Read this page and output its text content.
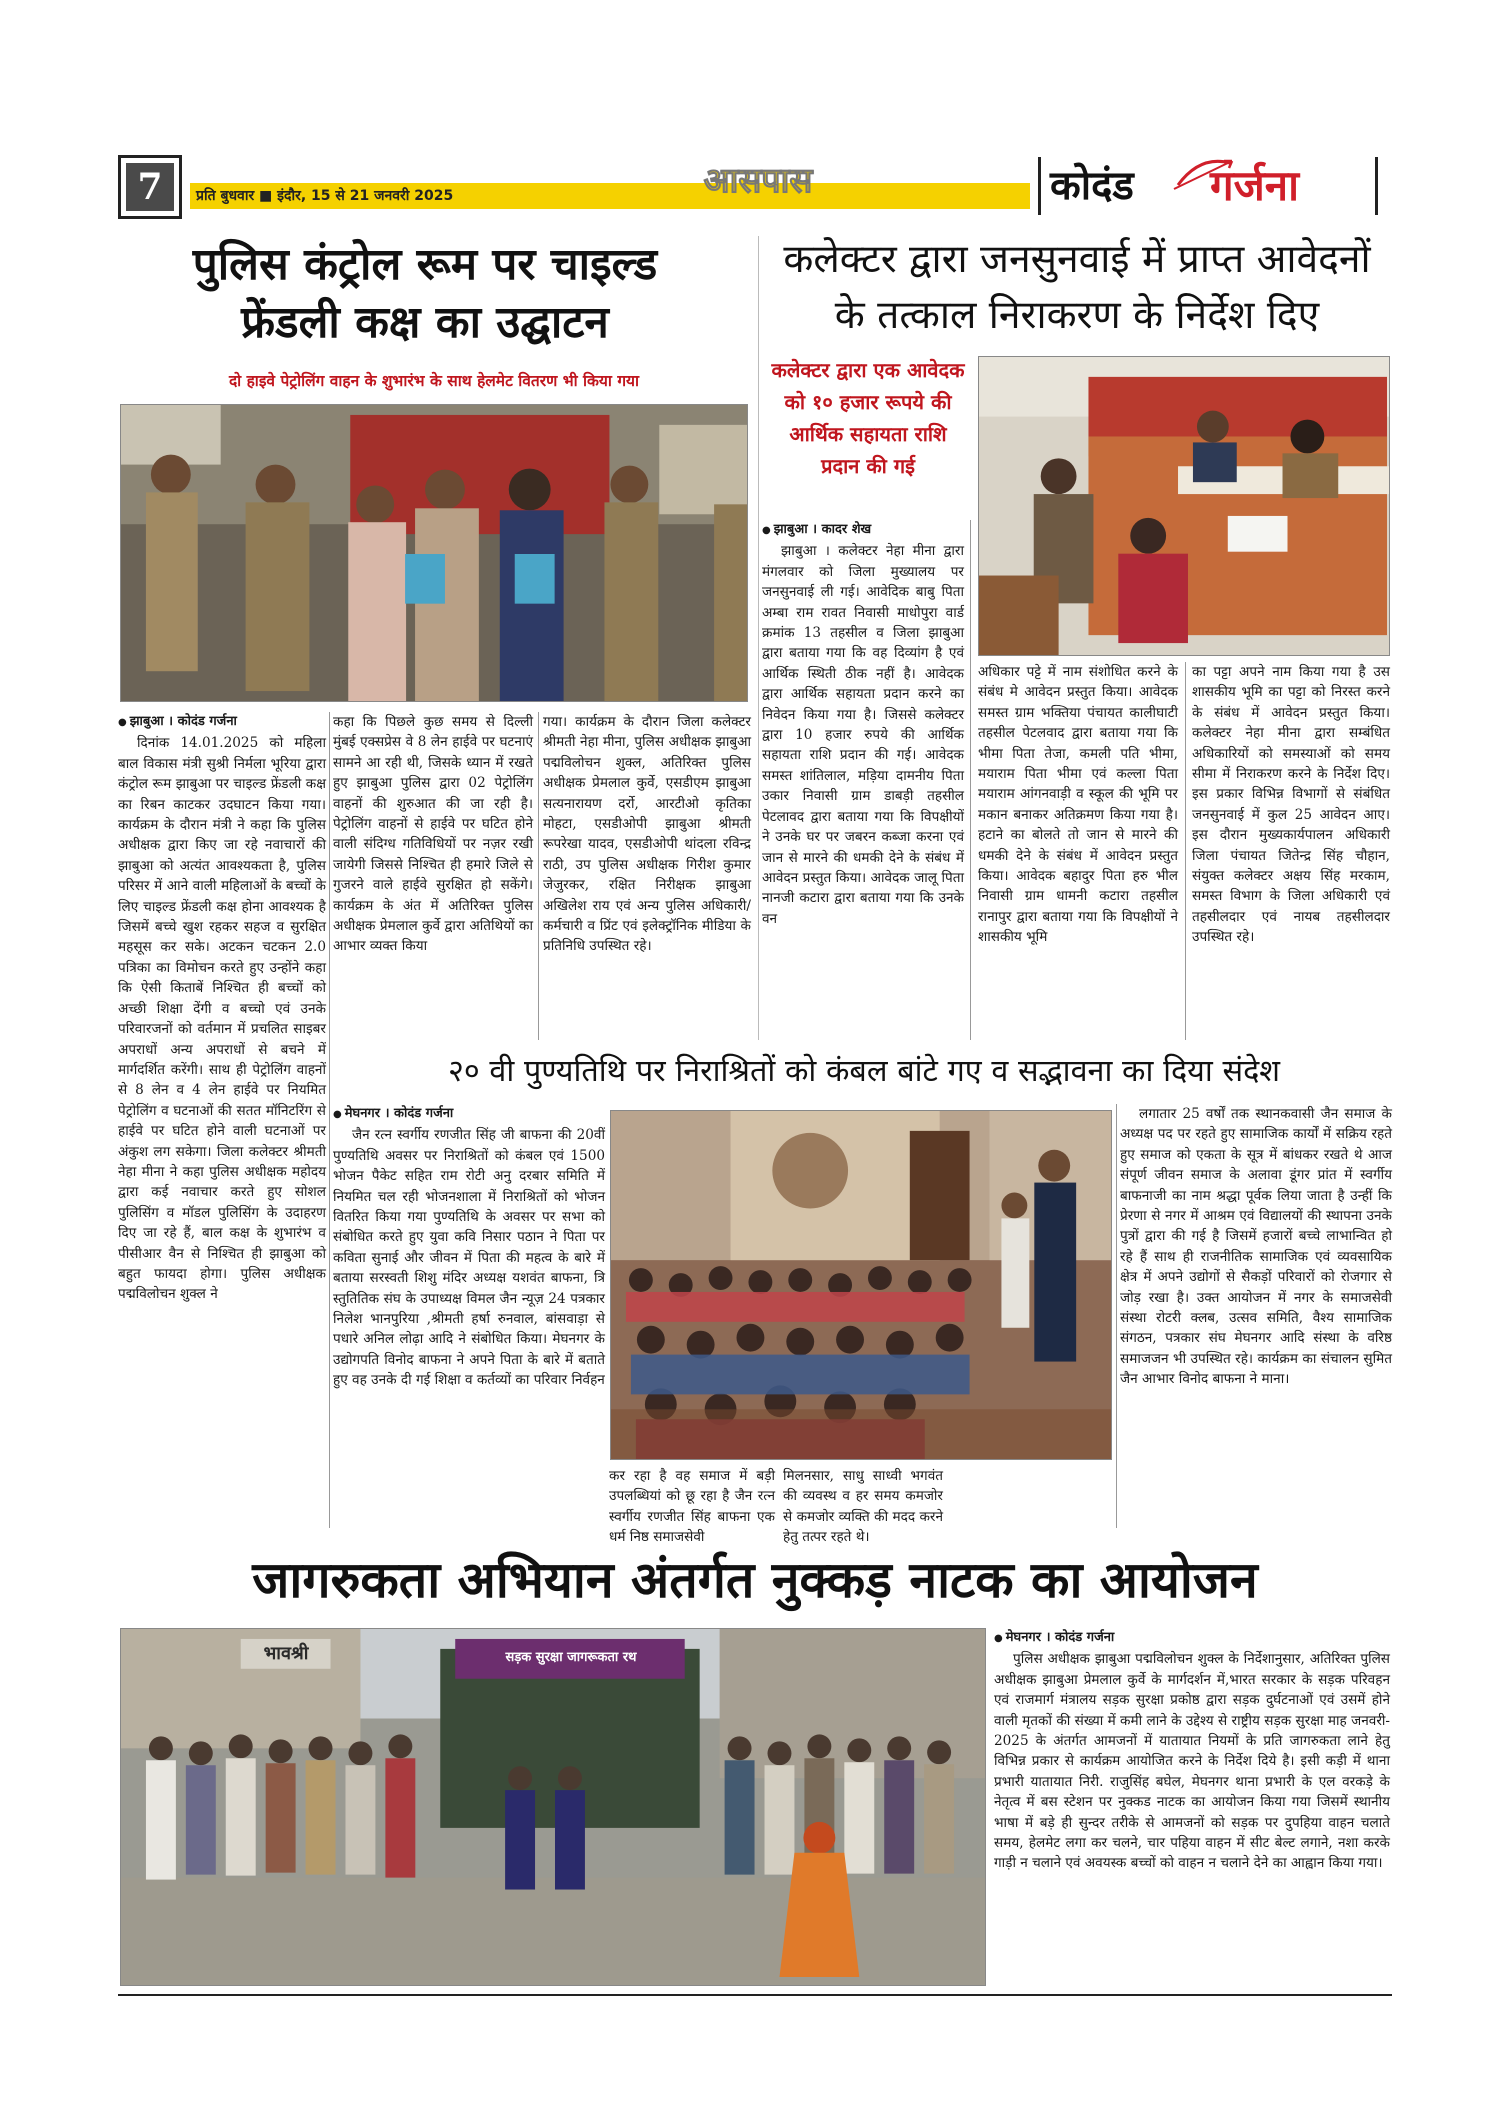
7	प्रति बुधवार ■ इंदौर, 15 से 21 जनवरी 2025	आसपास	कोदंड	गर्जना
पुलिस कंट्रोल रूम पर चाइल्ड
फ्रेंडली कक्ष का उद्घाटन
दो हाइवे पेट्रोलिंग वाहन के शुभारंभ के साथ हेलमेट वितरण भी किया गया

● झाबुआ । कोदंड गर्जना

दिनांक 14.01.2025 को महिला बाल विकास मंत्री सुश्री निर्मला भूरिया द्वारा कंट्रोल रूम झाबुआ पर चाइल्ड फ्रेंडली कक्ष का रिबन काटकर उदघाटन किया गया। कार्यक्रम के दौरान मंत्री ने कहा कि पुलिस अधीक्षक द्वारा किए जा रहे नवाचारों की झाबुआ को अत्यंत आवश्यकता है, पुलिस परिसर में आने वाली महिलाओं के बच्चों के लिए चाइल्ड फ्रेंडली कक्ष होना आवश्यक है जिसमें बच्चे खुश रहकर सहज व सुरक्षित महसूस कर सके। अटकन चटकन 2.0 पत्रिका का विमोचन करते हुए उन्होंने कहा कि ऐसी किताबें निश्चित ही बच्चों को अच्छी शिक्षा देंगी व बच्चो एवं उनके परिवारजनों को वर्तमान में प्रचलित साइबर अपराधों अन्य अपराधों से बचने में मार्गदर्शित करेंगी। साथ ही पेट्रोलिंग वाहनों से 8 लेन व 4 लेन हाईवे पर नियमित पेट्रोलिंग व घटनाओं की सतत मॉनिटरिंग से हाईवे पर घटित होने वाली घटनाओं पर अंकुश लग सकेगा। जिला कलेक्टर श्रीमती नेहा मीना ने कहा पुलिस अधीक्षक महोदय द्वारा कई नवाचार करते हुए सोशल पुलिसिंग व मॉडल पुलिसिंग के उदाहरण दिए जा रहे हैं, बाल कक्ष के शुभारंभ व पीसीआर वैन से निश्चित ही झाबुआ को बहुत फायदा होगा। पुलिस अधीक्षक पद्मविलोचन शुक्ल ने

कहा कि पिछले कुछ समय से दिल्ली मुंबई एक्सप्रेस वे 8 लेन हाईवे पर घटनाएं सामने आ रही थी, जिसके ध्यान में रखते हुए झाबुआ पुलिस द्वारा 02 पेट्रोलिंग वाहनों की शुरुआत की जा रही है। पेट्रोलिंग वाहनों से हाईवे पर घटित होने वाली संदिग्ध गतिविधियों पर नज़र रखी जायेगी जिससे निश्चित ही हमारे जिले से गुजरने वाले हाईवे सुरक्षित हो सकेंगे। कार्यक्रम के अंत में अतिरिक्त पुलिस अधीक्षक प्रेमलाल कुर्वे द्वारा अतिथियों का आभार व्यक्त किया

गया। कार्यक्रम के दौरान जिला कलेक्टर श्रीमती नेहा मीना, पुलिस अधीक्षक झाबुआ पद्मविलोचन शुक्ल, अतिरिक्त पुलिस अधीक्षक प्रेमलाल कुर्वे, एसडीएम झाबुआ सत्यनारायण दर्रो, आरटीओ कृतिका मोहटा, एसडीओपी झाबुआ श्रीमती रूपरेखा यादव, एसडीओपी थांदला रविन्द्र राठी, उप पुलिस अधीक्षक गिरीश कुमार जेजुरकर, रक्षित निरीक्षक झाबुआ अखिलेश राय एवं अन्य पुलिस अधिकारी/ कर्मचारी व प्रिंट एवं इलेक्ट्रॉनिक मीडिया के प्रतिनिधि उपस्थित रहे।

कलेक्टर द्वारा जनसुनवाई में प्राप्त आवेदनों
के तत्काल निराकरण के निर्देश दिए
कलेक्टर द्वारा एक आवेदक को १० हजार रूपये की आर्थिक सहायता राशि प्रदान की गई

● झाबुआ । कादर शेख

झाबुआ । कलेक्टर नेहा मीना द्वारा मंगलवार को जिला मुख्यालय पर जनसुनवाई ली गई। आवेदिक बाबु पिता अम्बा राम रावत निवासी माधोपुरा वार्ड क्रमांक 13 तहसील व जिला झाबुआ द्वारा बताया गया कि वह दिव्यांग है एवं आर्थिक स्थिती ठीक नहीं है। आवेदक द्वारा आर्थिक सहायता प्रदान करने का निवेदन किया गया है। जिससे कलेक्टर द्वारा 10 हजार रुपये की आर्थिक सहायता राशि प्रदान की गई। आवेदक समस्त शांतिलाल, मड़िया दामनीय पिता उकार निवासी ग्राम डाबड़ी तहसील पेटलावद द्वारा बताया गया कि विपक्षीयों ने उनके घर पर जबरन कब्जा करना एवं जान से मारने की धमकी देने के संबंध में आवेदन प्रस्तुत किया। आवेदक जालू पिता नानजी कटारा द्वारा बताया गया कि उनके वन

अधिकार पट्टे में नाम संशोधित करने के संबंध मे आवेदन प्रस्तुत किया। आवेदक समस्त ग्राम भक्तिया पंचायत कालीघाटी तहसील पेटलवाद द्वारा बताया गया कि भीमा पिता तेजा, कमली पति भीमा, मयाराम पिता भीमा एवं कल्ला पिता मयाराम आंगनवाड़ी व स्कूल की भूमि पर मकान बनाकर अतिक्रमण किया गया है। हटाने का बोलते तो जान से मारने की धमकी देने के संबंध में आवेदन प्रस्तुत किया। आवेदक बहादुर पिता हरु भील निवासी ग्राम धामनी कटारा तहसील रानापुर द्वारा बताया गया कि विपक्षीयों ने शासकीय भूमि

का पट्टा अपने नाम किया गया है उस शासकीय भूमि का पट्टा को निरस्त करने के संबंध में आवेदन प्रस्तुत किया। कलेक्टर नेहा मीना द्वारा सम्बंधित अधिकारियों को समस्याओं को समय सीमा में निराकरण करने के निर्देश दिए। इस प्रकार विभिन्न विभागों से संबंधित जनसुनवाई में कुल 25 आवेदन आए। इस दौरान मुख्यकार्यपालन अधिकारी जिला पंचायत जितेन्द्र सिंह चौहान, संयुक्त कलेक्टर अक्षय सिंह मरकाम, समस्त विभाग के जिला अधिकारी एवं तहसीलदार एवं नायब तहसीलदार उपस्थित रहे।

२० वी पुण्यतिथि पर निराश्रितों को कंबल बांटे गए व सद्भावना का दिया संदेश

● मेघनगर । कोदंड गर्जना

जैन रत्न स्वर्गीय रणजीत सिंह जी बाफना की 20वीं पुण्यतिथि अवसर पर निराश्रितों को कंबल एवं 1500 भोजन पैकेट सहित राम रोटी अनु दरबार समिति में नियमित चल रही भोजनशाला में निराश्रितों को भोजन वितरित किया गया पुण्यतिथि के अवसर पर सभा को संबोधित करते हुए युवा कवि निसार पठान ने पिता पर कविता सुनाई और जीवन में पिता की महत्व के बारे में बताया सरस्वती शिशु मंदिर अध्यक्ष यशवंत बाफना, त्रि स्तुतितिक संघ के उपाध्यक्ष विमल जैन न्यूज़ 24 पत्रकार निलेश भानपुरिया ,श्रीमती हर्षा रुनवाल, बांसवाड़ा से पधारे अनिल लोढ़ा आदि ने संबोधित किया। मेघनगर के उद्योगपति विनोद बाफना ने अपने पिता के बारे में बताते हुए वह उनके दी गई शिक्षा व कर्तव्यों का परिवार निर्वहन

कर रहा है वह समाज में बड़ी उपलब्धियां को छू रहा है जैन रत्न स्वर्गीय रणजीत सिंह बाफना एक धर्म निष्ठ समाजसेवी

मिलनसार, साधु साध्वी भगवंत की व्यवस्थ व हर समय कमजोर से कमजोर व्यक्ति की मदद करने हेतु तत्पर रहते थे।

लगातार 25 वर्षों तक स्थानकवासी जैन समाज के अध्यक्ष पद पर रहते हुए सामाजिक कार्यों में सक्रिय रहते हुए समाज को एकता के सूत्र में बांधकर रखते थे आज संपूर्ण जीवन समाज के अलावा डूंगर प्रांत में स्वर्गीय बाफनाजी का नाम श्रद्धा पूर्वक लिया जाता है उन्हीं कि प्रेरणा से नगर में आश्रम एवं विद्यालयों की स्थापना उनके पुत्रों द्वारा की गई है जिसमें हजारों बच्चे लाभान्वित हो रहे हैं साथ ही राजनीतिक सामाजिक एवं व्यवसायिक क्षेत्र में अपने उद्योगों से सैकड़ों परिवारों को रोजगार से जोड़ रखा है। उक्त आयोजन में नगर के समाजसेवी संस्था रोटरी क्लब, उत्सव समिति, वैश्य सामाजिक संगठन, पत्रकार संघ मेघनगर आदि संस्था के वरिष्ठ समाजजन भी उपस्थित रहे। कार्यक्रम का संचालन सुमित जैन आभार विनोद बाफना ने माना।

जागरुकता अभियान अंतर्गत नुक्कड़ नाटक का आयोजन
भावश्री	सड़क सुरक्षा जागरूकता रथ

● मेघनगर । कोदंड गर्जना

पुलिस अधीक्षक झाबुआ पद्मविलोचन शुक्ल के निर्देशानुसार, अतिरिक्त पुलिस अधीक्षक झाबुआ प्रेमलाल कुर्वे के मार्गदर्शन में,भारत सरकार के सड़क परिवहन एवं राजमार्ग मंत्रालय सड़क सुरक्षा प्रकोष्ठ द्वारा सड़क दुर्घटनाओं एवं उसमें होने वाली मृतकों की संख्या में कमी लाने के उद्देश्य से राष्ट्रीय सड़क सुरक्षा माह जनवरी- 2025 के अंतर्गत आमजनों में यातायात नियमों के प्रति जागरुकता लाने हेतु विभिन्न प्रकार से कार्यक्रम आयोजित करने के निर्देश दिये है। इसी कड़ी में थाना प्रभारी यातायात निरी. राजुसिंह बघेल, मेघनगर थाना प्रभारी के एल वरकड़े के नेतृत्व में बस स्टेशन पर नुक्कड नाटक का आयोजन किया गया जिसमें स्थानीय भाषा में बड़े ही सुन्दर तरीके से आमजनों को सड़क पर दुपहिया वाहन चलाते समय, हेलमेट लगा कर चलने, चार पहिया वाहन में सीट बेल्ट लगाने, नशा करके गाड़ी न चलाने एवं अवयस्क बच्चों को वाहन न चलाने देने का आह्वान किया गया।
